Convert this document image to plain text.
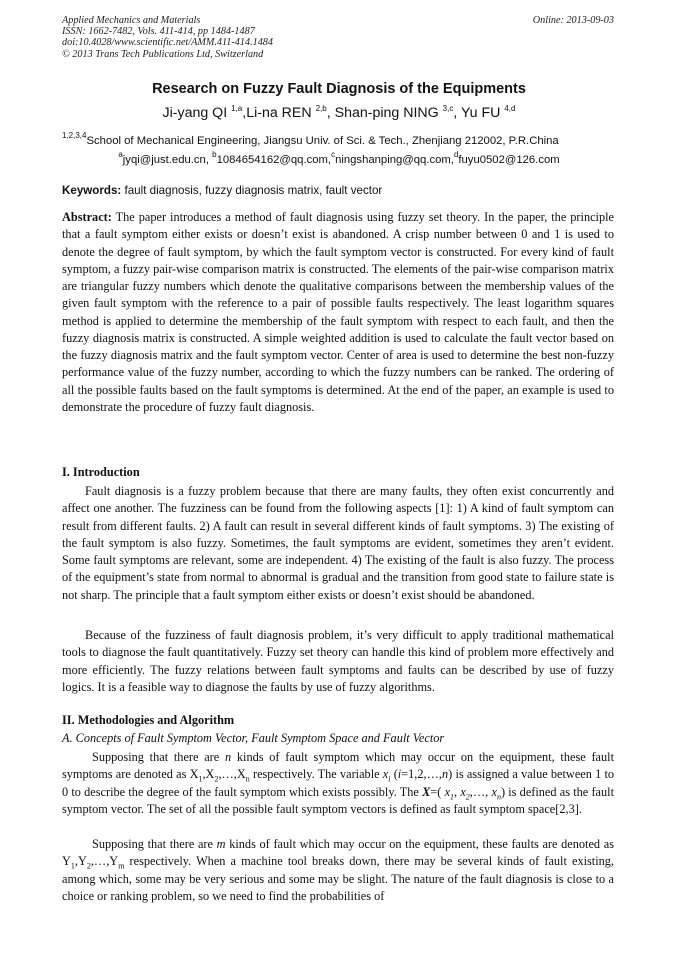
Applied Mechanics and Materials
ISSN: 1662-7482, Vols. 411-414, pp 1484-1487
doi:10.4028/www.scientific.net/AMM.411-414.1484
© 2013 Trans Tech Publications Ltd, Switzerland
Online: 2013-09-03
Research on Fuzzy Fault Diagnosis of the Equipments
Ji-yang QI $^{1,a}$,Li-na REN $^{2,b}$, Shan-ping NING $^{3,c}$, Yu FU $^{4,d}$
$^{1,2,3,4}$School of Mechanical Engineering, Jiangsu Univ. of Sci. & Tech., Zhenjiang 212002, P.R.China
$^a$jyqi@just.edu.cn, $^b$1084654162@qq.com,$^c$ningshanping@qq.com,$^d$fuyu0502@126.com
Keywords: fault diagnosis, fuzzy diagnosis matrix, fault vector
Abstract: The paper introduces a method of fault diagnosis using fuzzy set theory. In the paper, the principle that a fault symptom either exists or doesn’t exist is abandoned. A crisp number between 0 and 1 is used to denote the degree of fault symptom, by which the fault symptom vector is constructed. For every kind of fault symptom, a fuzzy pair-wise comparison matrix is constructed. The elements of the pair-wise comparison matrix are triangular fuzzy numbers which denote the qualitative comparisons between the membership values of the given fault symptom with the reference to a pair of possible faults respectively. The least logarithm squares method is applied to determine the membership of the fault symptom with respect to each fault, and then the fuzzy diagnosis matrix is constructed. A simple weighted addition is used to calculate the fault vector based on the fuzzy diagnosis matrix and the fault symptom vector. Center of area is used to determine the best non-fuzzy performance value of the fuzzy number, according to which the fuzzy numbers can be ranked. The ordering of all the possible faults based on the fault symptoms is determined. At the end of the paper, an example is used to demonstrate the procedure of fuzzy fault diagnosis.
I. Introduction

Fault diagnosis is a fuzzy problem because that there are many faults, they often exist concurrently and affect one another. The fuzziness can be found from the following aspects [1]: 1) A kind of fault symptom can result from different faults. 2) A fault can result in several different kinds of fault symptoms. 3) The existing of the fault symptom is also fuzzy. Sometimes, the fault symptoms are evident, sometimes they aren’t evident. Some fault symptoms are relevant, some are independent. 4) The existing of the fault is also fuzzy. The process of the equipment’s state from normal to abnormal is gradual and the transition from good state to failure state is not sharp. The principle that a fault symptom either exists or doesn’t exist should be abandoned.

Because of the fuzziness of fault diagnosis problem, it’s very difficult to apply traditional mathematical tools to diagnose the fault quantitatively. Fuzzy set theory can handle this kind of problem more effectively and more efficiently. The fuzzy relations between fault symptoms and faults can be described by use of fuzzy logics. It is a feasible way to diagnose the faults by use of fuzzy algorithms.

II. Methodologies and Algorithm
A. Concepts of Fault Symptom Vector, Fault Symptom Space and Fault Vector

Supposing that there are n kinds of fault symptom which may occur on the equipment, these fault symptoms are denoted as $X_1,X_2,\dots,X_n$ respectively. The variable $x_i$ (i=1,2,…,n) is assigned a value between 1 to 0 to describe the degree of the fault symptom which exists possibly. The X=( $x_1$, $x_2,\dots$, $x_n$) is defined as the fault symptom vector. The set of all the possible fault symptom vectors is defined as fault symptom space[2,3].

Supposing that there are m kinds of fault which may occur on the equipment, these faults are denoted as $Y_1,Y_2,\dots,Y_m$ respectively. When a machine tool breaks down, there may be several kinds of fault existing, among which, some may be very serious and some may be slight. The nature of the fault diagnosis is close to a choice or ranking problem, so we need to find the probabilities of
